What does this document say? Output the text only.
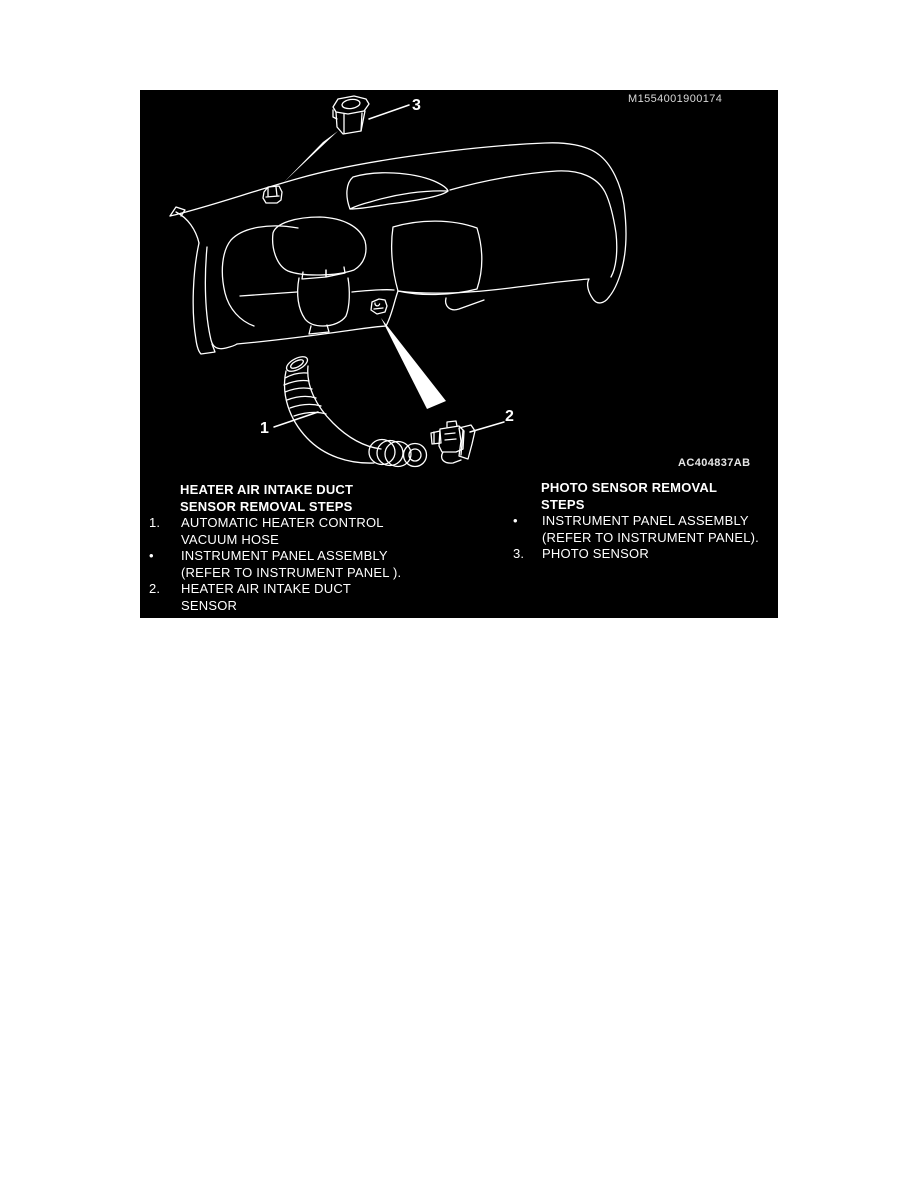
1
2
3	M1554001900174
AC404837AB
HEATER AIR INTAKE DUCT
SENSOR REMOVAL STEPS
1.	AUTOMATIC HEATER CONTROL
VACUUM HOSE
•	INSTRUMENT PANEL ASSEMBLY
(REFER TO INSTRUMENT PANEL ).
2.	HEATER AIR INTAKE DUCT
SENSOR
PHOTO SENSOR REMOVAL
STEPS
•	INSTRUMENT PANEL ASSEMBLY
(REFER TO INSTRUMENT PANEL).
3.	PHOTO SENSOR
